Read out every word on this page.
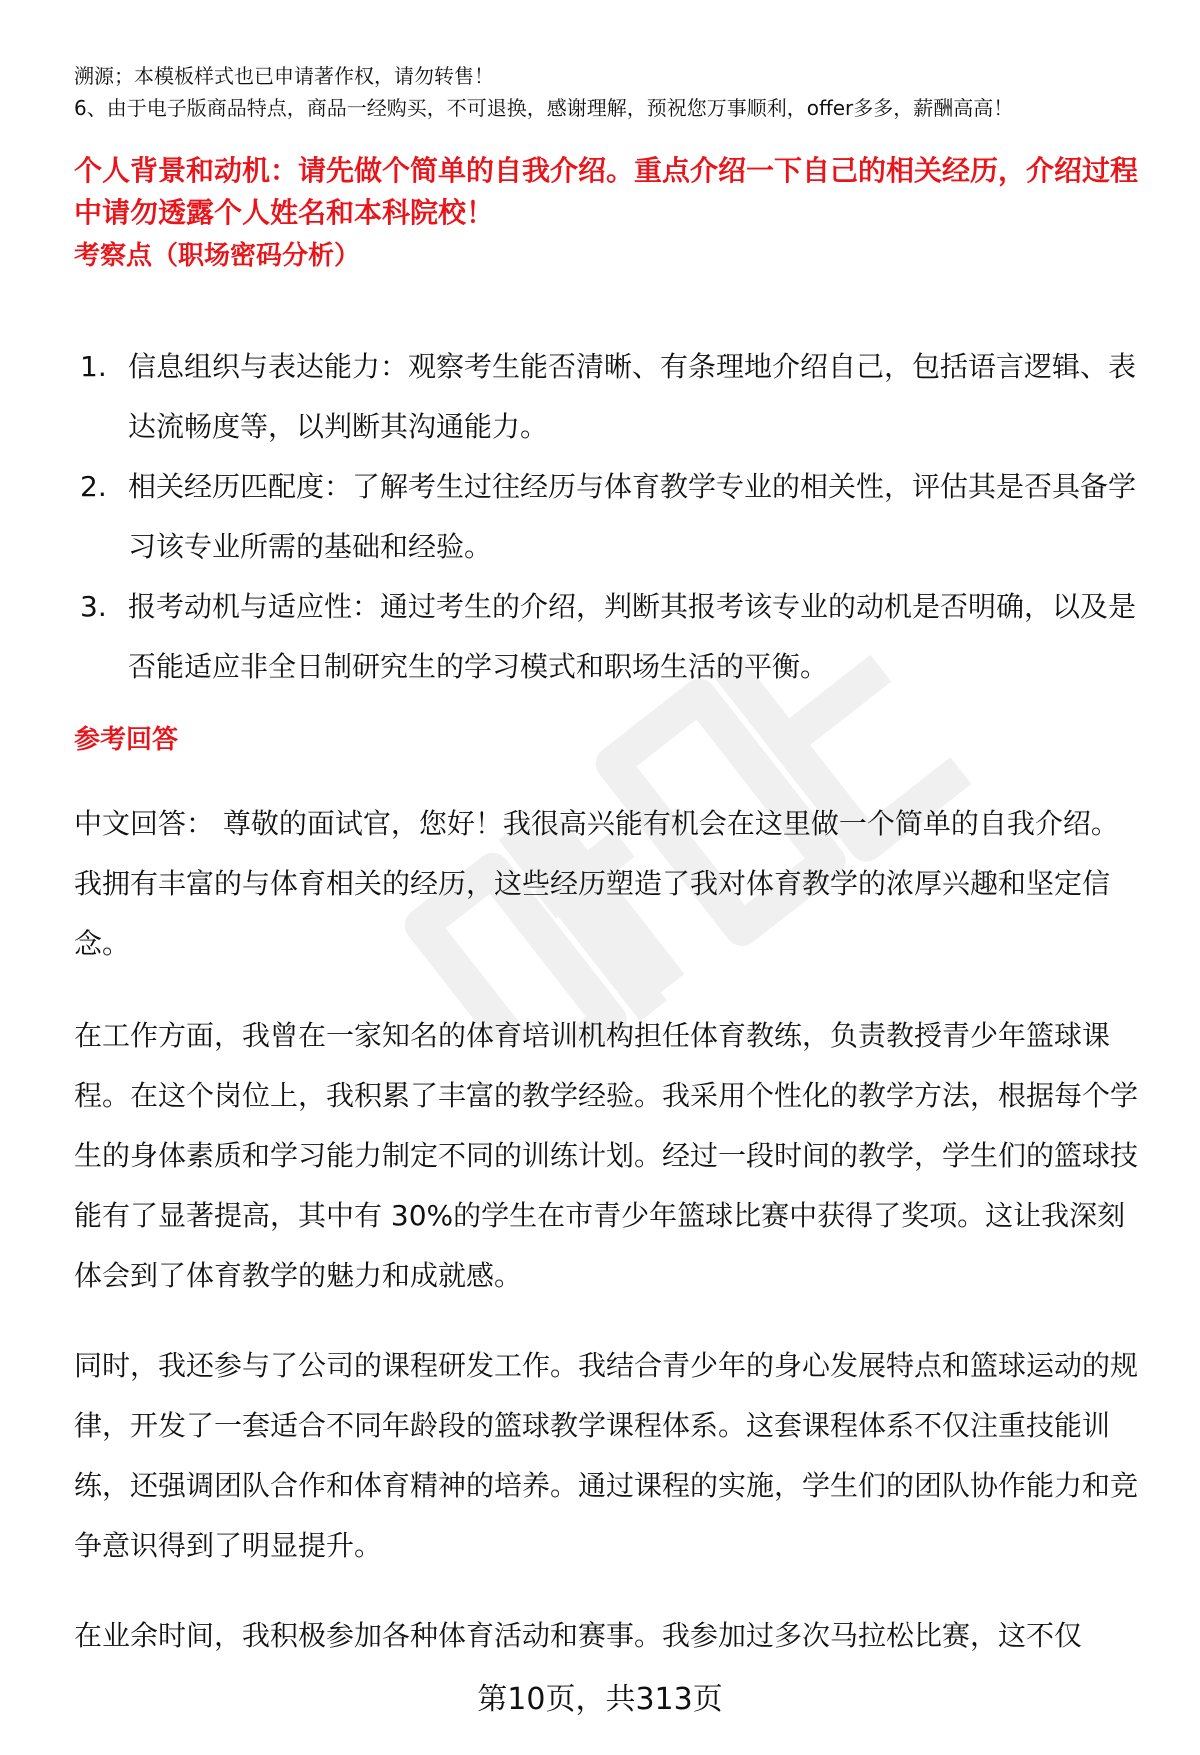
溯源；本模板样式也已申请著作权，请勿转售！

6、由于电子版商品特点，商品一经购买，不可退换，感谢理解，预祝您万事顺利，offer多多，薪酬高高！

个人背景和动机：请先做个简单的自我介绍。重点介绍一下自己的相关经历，介绍过程中请勿透露个人姓名和本科院校！

考察点（职场密码分析）

1. 信息组织与表达能力：观察考生能否清晰、有条理地介绍自己，包括语言逻辑、表达流畅度等，以判断其沟通能力。
2. 相关经历匹配度：了解考生过往经历与体育教学专业的相关性，评估其是否具备学习该专业所需的基础和经验。
3. 报考动机与适应性：通过考生的介绍，判断其报考该专业的动机是否明确，以及是否能适应非全日制研究生的学习模式和职场生活的平衡。

参考回答

中文回答： 尊敬的面试官，您好！我很高兴能有机会在这里做一个简单的自我介绍。我拥有丰富的与体育相关的经历，这些经历塑造了我对体育教学的浓厚兴趣和坚定信念。

在工作方面，我曾在一家知名的体育培训机构担任体育教练，负责教授青少年篮球课程。在这个岗位上，我积累了丰富的教学经验。我采用个性化的教学方法，根据每个学生的身体素质和学习能力制定不同的训练计划。经过一段时间的教学，学生们的篮球技能有了显著提高，其中有 30%的学生在市青少年篮球比赛中获得了奖项。这让我深刻体会到了体育教学的魅力和成就感。

同时，我还参与了公司的课程研发工作。我结合青少年的身心发展特点和篮球运动的规律，开发了一套适合不同年龄段的篮球教学课程体系。这套课程体系不仅注重技能训练，还强调团队合作和体育精神的培养。通过课程的实施，学生们的团队协作能力和竞争意识得到了明显提升。

在业余时间，我积极参加各种体育活动和赛事。我参加过多次马拉松比赛，这不仅

第10页，共313页
